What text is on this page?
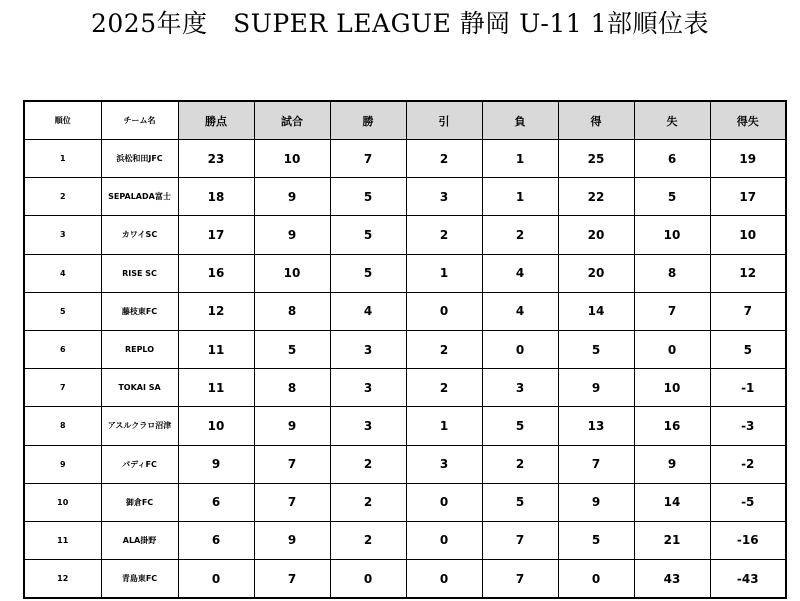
2025年度　SUPER LEAGUE 静岡 U-11 1部順位表
順位	チーム名	勝点	試合	勝	引	負	得	失	得失
1	浜松和田JFC	23	10	7	2	1	25	6	19
2	SEPALADA富士	18	9	5	3	1	22	5	17
3	カワイSC	17	9	5	2	2	20	10	10
4	RISE SC	16	10	5	1	4	20	8	12
5	藤枝東FC	12	8	4	0	4	14	7	7
6	REPLO	11	5	3	2	0	5	0	5
7	TOKAI SA	11	8	3	2	3	9	10	-1
8	アスルクラロ沼津	10	9	3	1	5	13	16	-3
9	パディFC	9	7	2	3	2	7	9	-2
10	御倉FC	6	7	2	0	5	9	14	-5
11	ALA掛野	6	9	2	0	7	5	21	-16
12	青島東FC	0	7	0	0	7	0	43	-43
